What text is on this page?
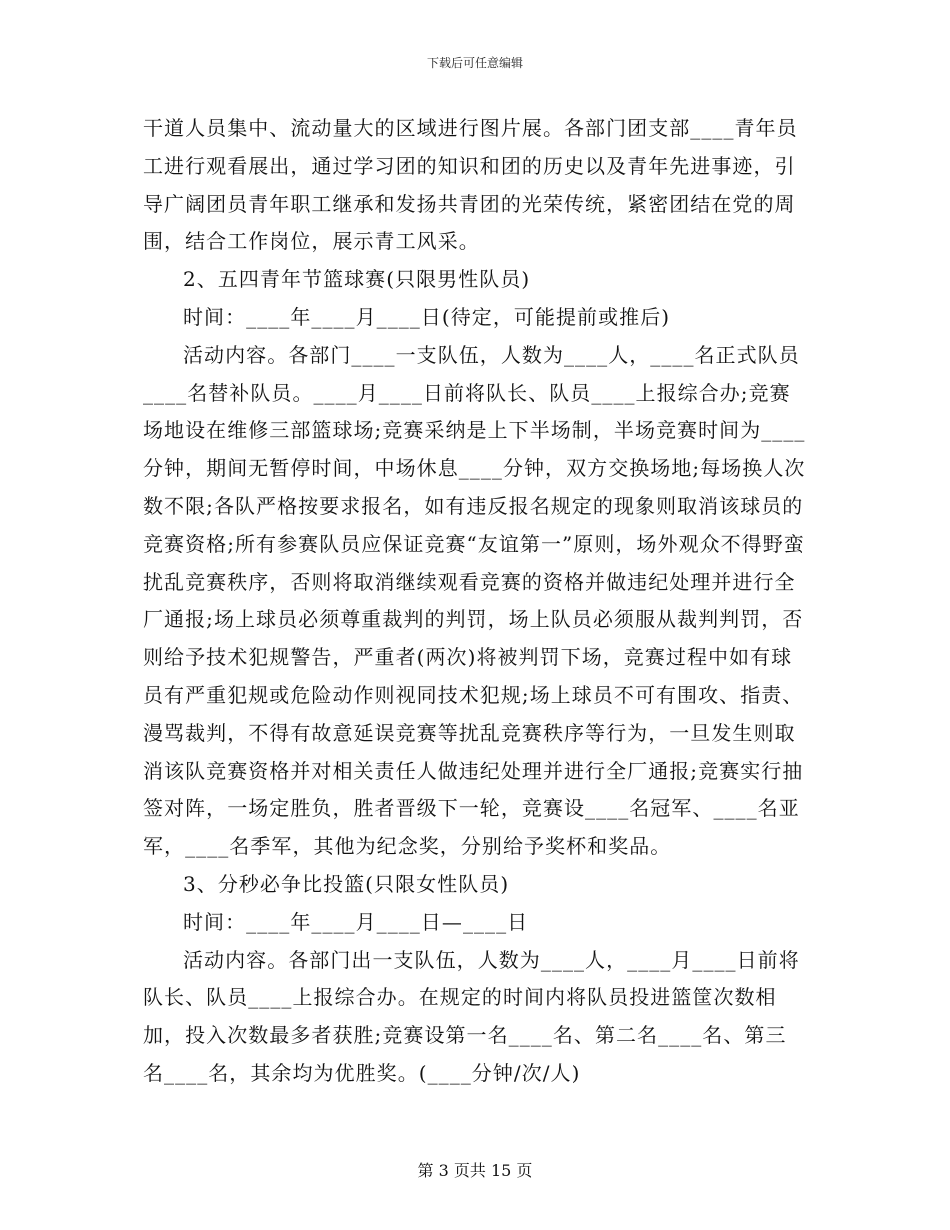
下载后可任意编辑

干道人员集中、流动量大的区域进行图片展。各部门团支部____青年员工进行观看展出，通过学习团的知识和团的历史以及青年先进事迹，引导广阔团员青年职工继承和发扬共青团的光荣传统，紧密团结在党的周围，结合工作岗位，展示青工风采。

2、五四青年节篮球赛(只限男性队员)

时间：____年____月____日(待定，可能提前或推后)

活动内容。各部门____一支队伍，人数为____人，____名正式队员____名替补队员。____月____日前将队长、队员____上报综合办;竞赛场地设在维修三部篮球场;竞赛采纳是上下半场制，半场竞赛时间为____分钟，期间无暂停时间，中场休息____分钟，双方交换场地;每场换人次数不限;各队严格按要求报名，如有违反报名规定的现象则取消该球员的竞赛资格;所有参赛队员应保证竞赛“友谊第一”原则，场外观众不得野蛮扰乱竞赛秩序，否则将取消继续观看竞赛的资格并做违纪处理并进行全厂通报;场上球员必须尊重裁判的判罚，场上队员必须服从裁判判罚，否则给予技术犯规警告，严重者(两次)将被判罚下场，竞赛过程中如有球员有严重犯规或危险动作则视同技术犯规;场上球员不可有围攻、指责、漫骂裁判，不得有故意延误竞赛等扰乱竞赛秩序等行为，一旦发生则取消该队竞赛资格并对相关责任人做违纪处理并进行全厂通报;竞赛实行抽签对阵，一场定胜负，胜者晋级下一轮，竞赛设____名冠军、____名亚军，____名季军，其他为纪念奖，分别给予奖杯和奖品。

3、分秒必争比投篮(只限女性队员)

时间：____年____月____日—____日

活动内容。各部门出一支队伍，人数为____人，____月____日前将队长、队员____上报综合办。在规定的时间内将队员投进篮筐次数相加，投入次数最多者获胜;竞赛设第一名____名、第二名____名、第三名____名，其余均为优胜奖。(____分钟/次/人)

第 3 页共 15 页
